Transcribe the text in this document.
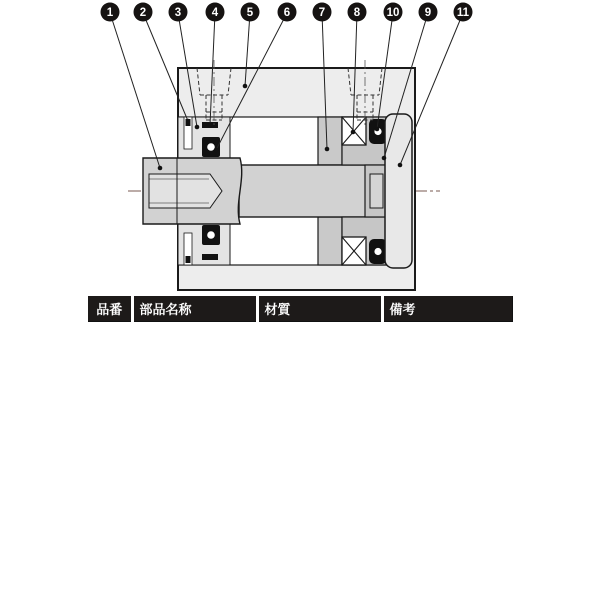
1 2 3	4 5	6 7 8 10 9 11
品番	部品名称	材質	備考
